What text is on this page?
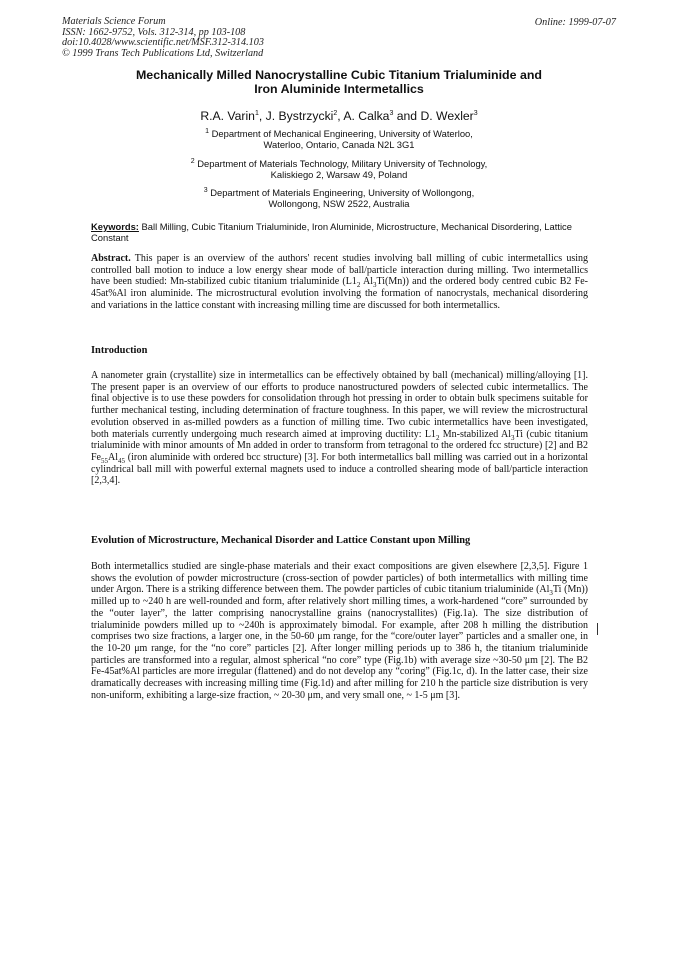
Materials Science Forum
ISSN: 1662-9752, Vols. 312-314, pp 103-108
doi:10.4028/www.scientific.net/MSF.312-314.103
© 1999 Trans Tech Publications Ltd, Switzerland
Online: 1999-07-07
Mechanically Milled Nanocrystalline Cubic Titanium Trialuminide and
Iron Aluminide Intermetallics
R.A. Varin$^1$, J. Bystrzycki$^2$, A. Calka$^3$ and D. Wexler$^3$
$^1$ Department of Mechanical Engineering, University of Waterloo,
Waterloo, Ontario, Canada N2L 3G1
$^2$ Department of Materials Technology, Military University of Technology,
Kaliskiego 2, Warsaw 49, Poland
$^3$ Department of Materials Engineering, University of Wollongong,
Wollongong, NSW 2522, Australia
Keywords: Ball Milling, Cubic Titanium Trialuminide, Iron Aluminide, Microstructure, Mechanical Disordering, Lattice Constant

Abstract. This paper is an overview of the authors' recent studies involving ball milling of cubic intermetallics using controlled ball motion to induce a low energy shear mode of ball/particle interaction during milling. Two intermetallics have been studied: Mn-stabilized cubic titanium trialuminide ($L1_2$ $Al_3Ti(Mn)$) and the ordered body centred cubic B2 Fe-45at%Al iron aluminide. The microstructural evolution involving the formation of nanocrystals, mechanical disordering and variations in the lattice constant with increasing milling time are discussed for both intermetallics.

Introduction

A nanometer grain (crystallite) size in intermetallics can be effectively obtained by ball (mechanical) milling/alloying [1]. The present paper is an overview of our efforts to produce nanostructured powders of selected cubic intermetallics. The final objective is to use these powders for consolidation through hot pressing in order to obtain bulk specimens suitable for further mechanical testing, including determination of fracture toughness. In this paper, we will review the microstructural evolution observed in as-milled powders as a function of milling time. Two cubic intermetallics have been investigated, both materials currently undergoing much research aimed at improving ductility: $L1_2$ Mn-stabilized $Al_3Ti$ (cubic titanium trialuminide with minor amounts of Mn added in order to transform from tetragonal to the ordered fcc structure) [2] and B2 $Fe_{55}Al_{45}$ (iron aluminide with ordered bcc structure) [3]. For both intermetallics ball milling was carried out in a horizontal cylindrical ball mill with powerful external magnets used to induce a controlled shearing mode of ball/particle interaction [2,3,4].

Evolution of Microstructure, Mechanical Disorder and Lattice Constant upon Milling

Both intermetallics studied are single-phase materials and their exact compositions are given elsewhere [2,3,5]. Figure 1 shows the evolution of powder microstructure (cross-section of powder particles) of both intermetallics with milling time under Argon. There is a striking difference between them. The powder particles of cubic titanium trialuminide ($Al_3Ti$ (Mn)) milled up to ~240 h are well-rounded and form, after relatively short milling times, a work-hardened “core” surrounded by the “outer layer”, the latter comprising nanocrystalline grains (nanocrystallites) (Fig.1a). The size distribution of trialuminide powders milled up to ~240h is approximately bimodal. For example, after 208 h milling the distribution comprises two size fractions, a larger one, in the 50-60 μm range, for the “core/outer layer” particles and a smaller one, in the 10-20 μm range, for the “no core” particles [2]. After longer milling periods up to 386 h, the titanium trialuminide particles are transformed into a regular, almost spherical “no core” type (Fig.1b) with average size ~30-50 μm [2]. The B2 Fe-45at%Al particles are more irregular (flattened) and do not develop any “coring” (Fig.1c, d). In the latter case, their size dramatically decreases with increasing milling time (Fig.1d) and after milling for 210 h the particle size distribution is very non-uniform, exhibiting a large-size fraction, ~ 20-30 μm, and very small one, ~ 1-5 μm [3].
